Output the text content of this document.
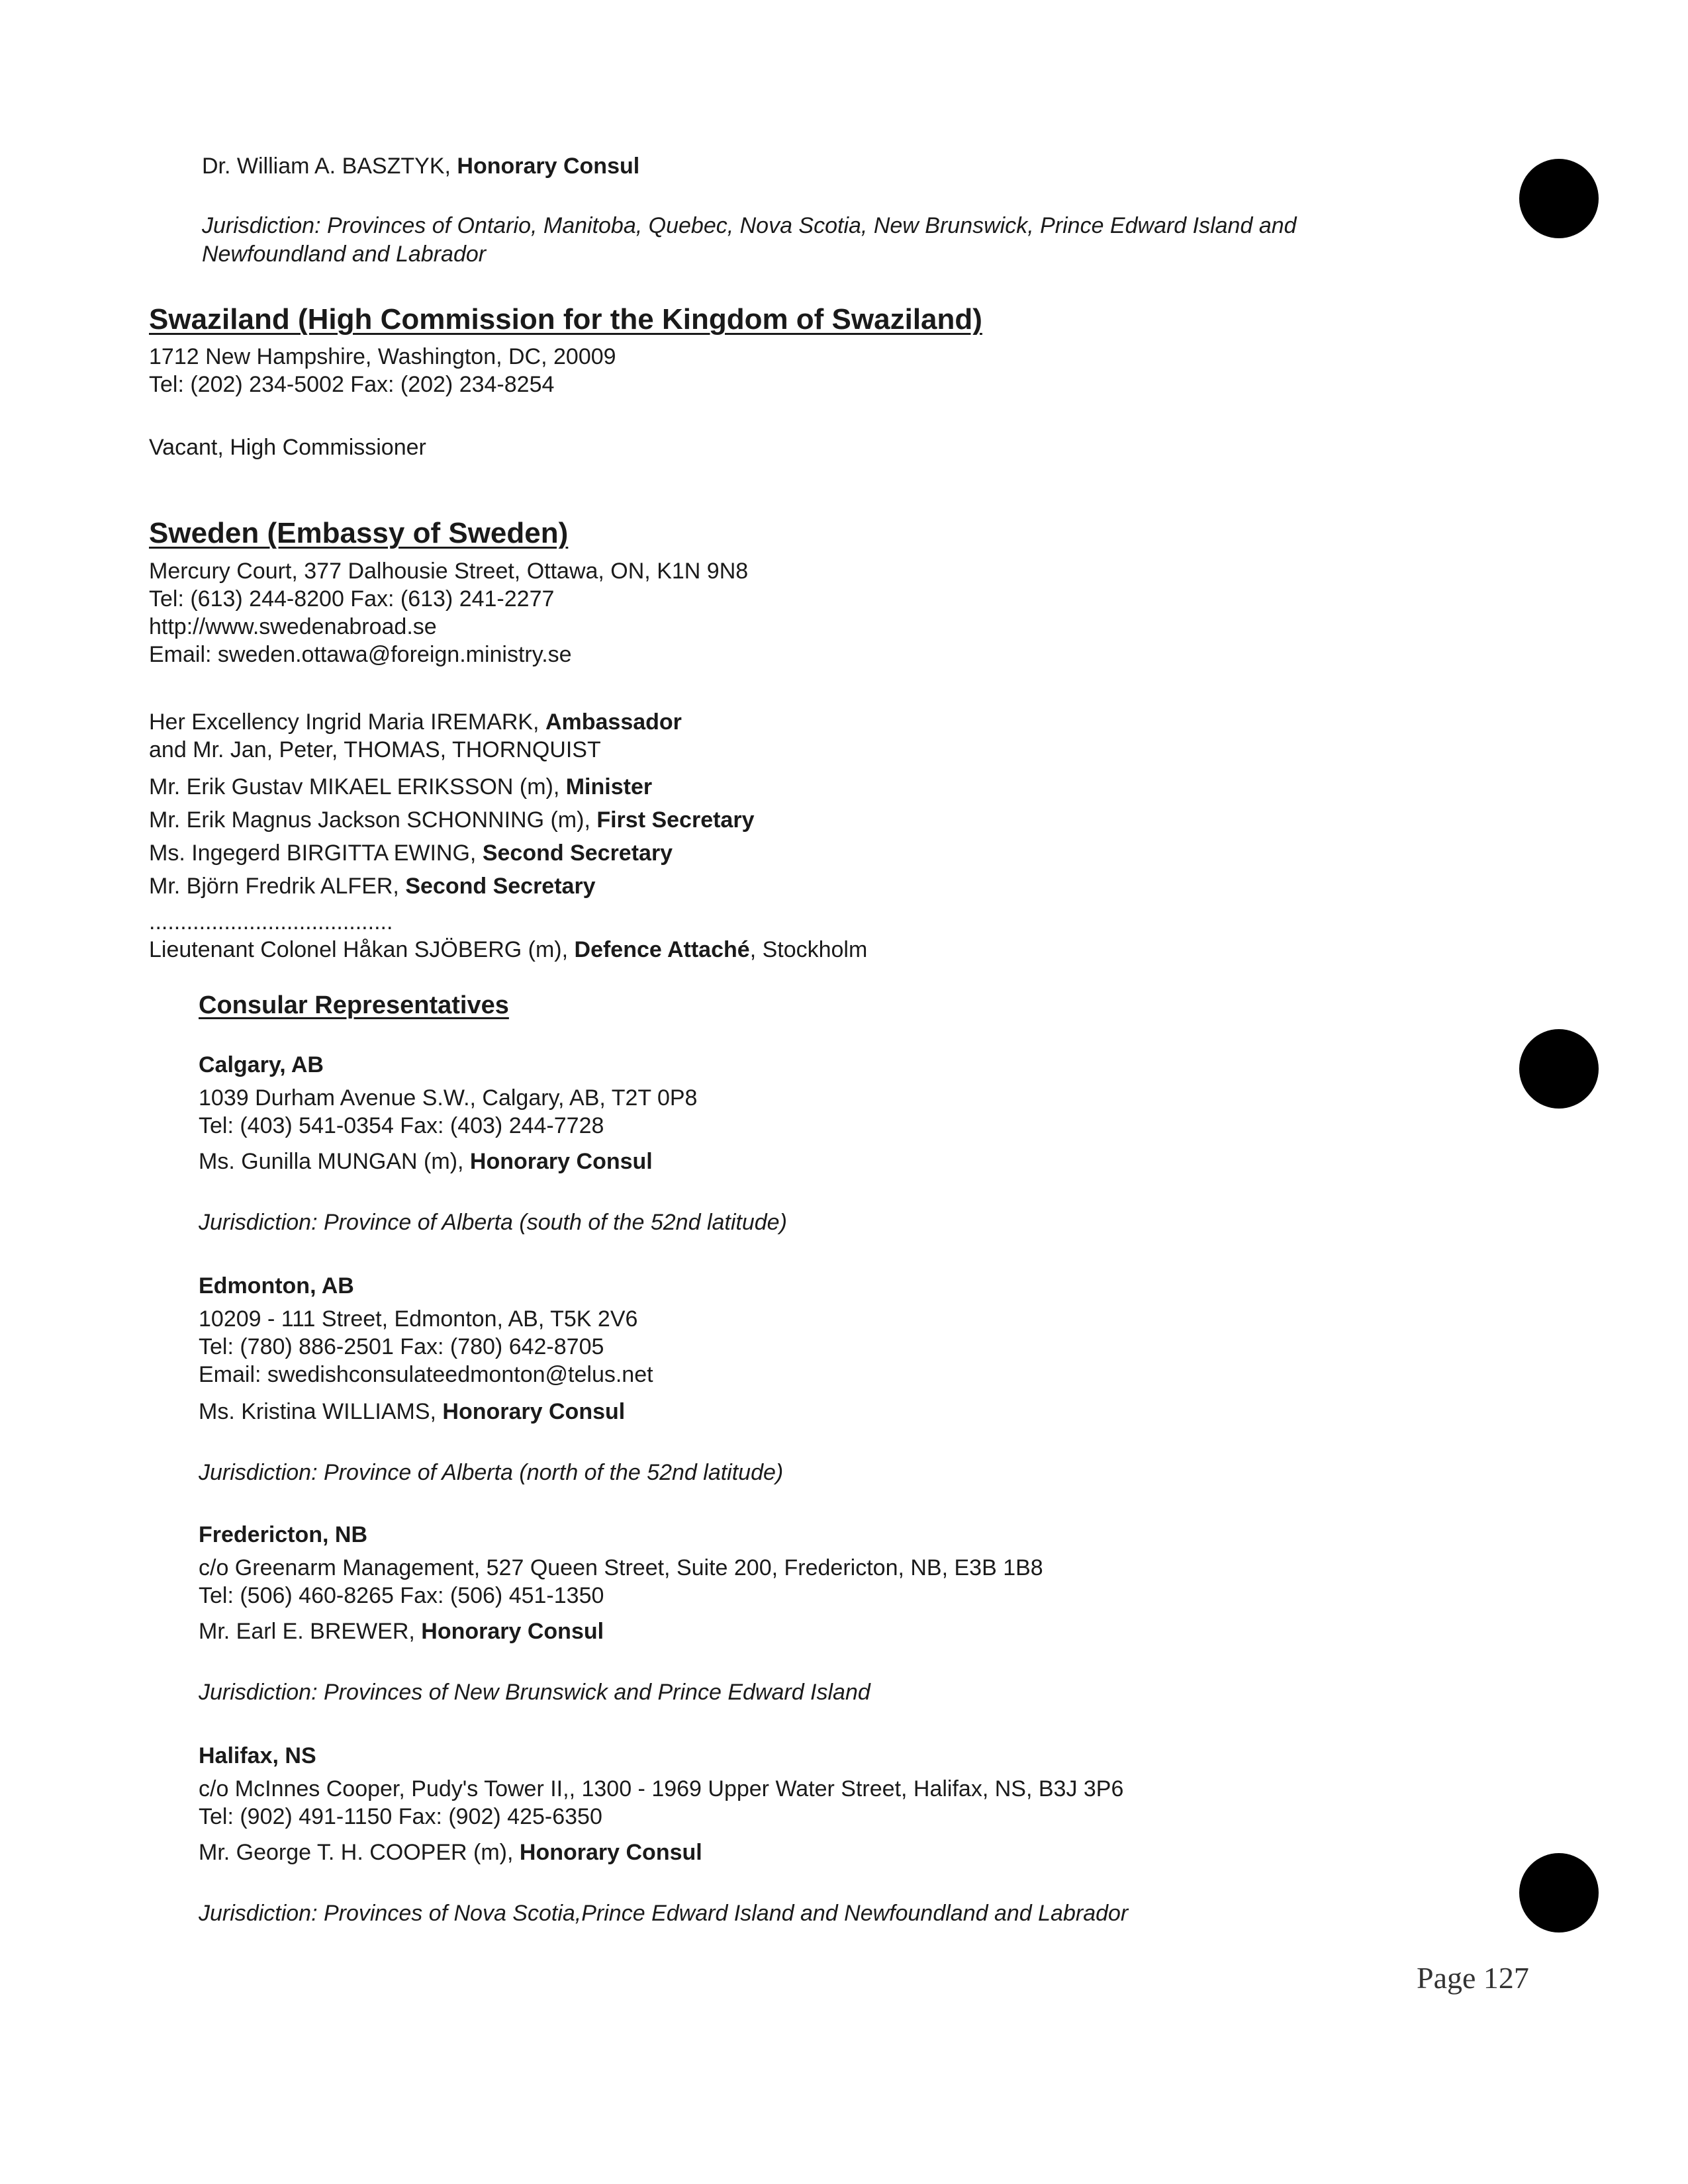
Dr. William A. BASZTYK, Honorary Consul
Jurisdiction: Provinces of Ontario, Manitoba, Quebec, Nova Scotia, New Brunswick, Prince Edward Island and
Newfoundland and Labrador
Swaziland (High Commission for the Kingdom of Swaziland)
1712 New Hampshire, Washington, DC, 20009
Tel: (202) 234-5002 Fax: (202) 234-8254
Vacant, High Commissioner
Sweden (Embassy of Sweden)
Mercury Court, 377 Dalhousie Street, Ottawa, ON, K1N 9N8
Tel: (613) 244-8200 Fax: (613) 241-2277
http://www.swedenabroad.se
Email: sweden.ottawa@foreign.ministry.se
Her Excellency Ingrid Maria IREMARK, Ambassador
and Mr. Jan, Peter, THOMAS, THORNQUIST
Mr. Erik Gustav MIKAEL ERIKSSON (m), Minister
Mr. Erik Magnus Jackson SCHONNING (m), First Secretary
Ms. Ingegerd BIRGITTA EWING, Second Secretary
Mr. Björn Fredrik ALFER, Second Secretary
.......................................
Lieutenant Colonel Håkan SJÖBERG (m), Defence Attaché, Stockholm
Consular Representatives
Calgary, AB
1039 Durham Avenue S.W., Calgary, AB, T2T 0P8
Tel: (403) 541-0354 Fax: (403) 244-7728
Ms. Gunilla MUNGAN (m), Honorary Consul
Jurisdiction: Province of Alberta (south of the 52nd latitude)
Edmonton, AB
10209 - 111 Street, Edmonton, AB, T5K 2V6
Tel: (780) 886-2501 Fax: (780) 642-8705
Email: swedishconsulateedmonton@telus.net
Ms. Kristina WILLIAMS, Honorary Consul
Jurisdiction: Province of Alberta (north of the 52nd latitude)
Fredericton, NB
c/o Greenarm Management, 527 Queen Street, Suite 200, Fredericton, NB, E3B 1B8
Tel: (506) 460-8265 Fax: (506) 451-1350
Mr. Earl E. BREWER, Honorary Consul
Jurisdiction: Provinces of New Brunswick and Prince Edward Island
Halifax, NS
c/o McInnes Cooper, Pudy's Tower II,, 1300 - 1969 Upper Water Street, Halifax, NS, B3J 3P6
Tel: (902) 491-1150 Fax: (902) 425-6350
Mr. George T. H. COOPER (m), Honorary Consul
Jurisdiction: Provinces of Nova Scotia,Prince Edward Island and Newfoundland and Labrador
Page 127
